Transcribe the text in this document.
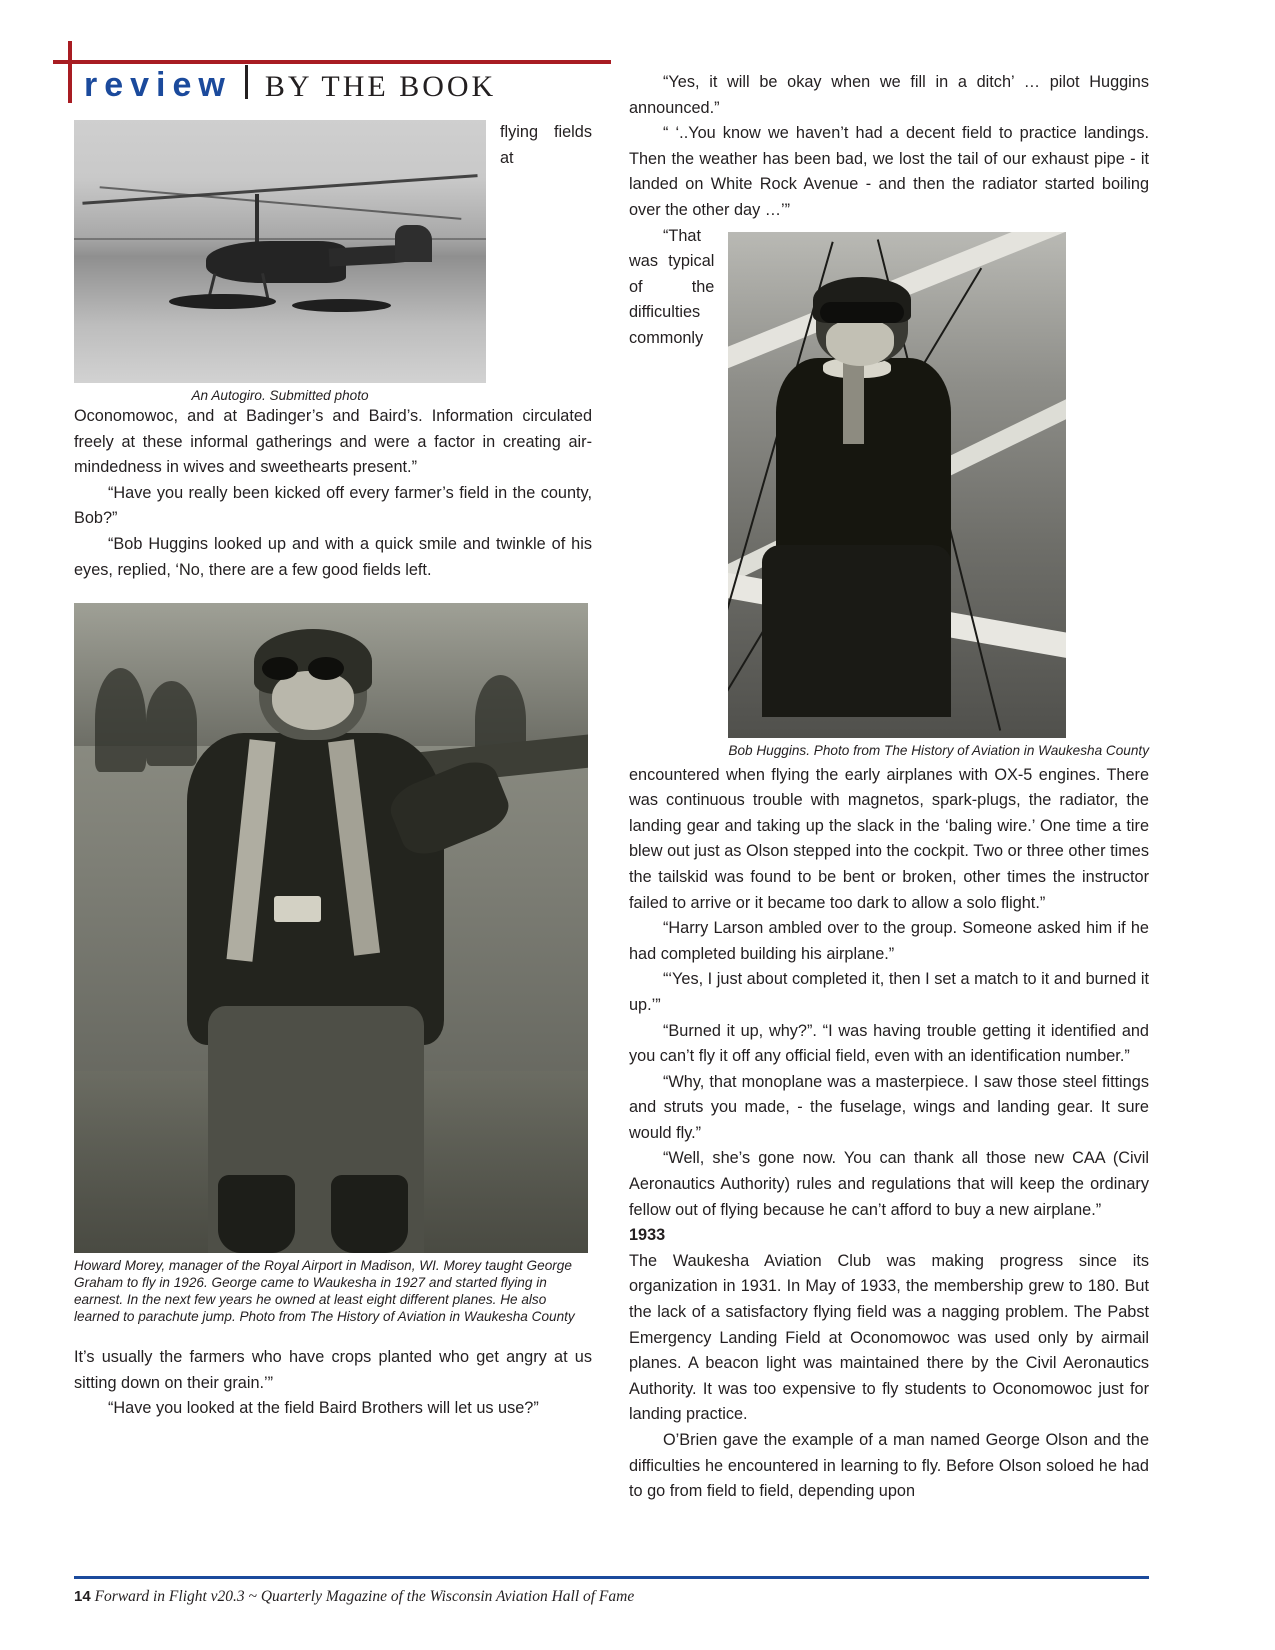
review BY THE BOOK
An Autogiro. Submitted photo

flying fields at Oconomowoc, and at Badinger’s and Baird’s. Information circulated freely at these informal gatherings and were a factor in creating air-mindedness in wives and sweethearts present.”

“Have you really been kicked off every farmer’s field in the county, Bob?”

“Bob Huggins looked up and with a quick smile and twinkle of his eyes, replied, ‘No, there are a few good fields left.

Howard Morey, manager of the Royal Airport in Madison, WI. Morey taught George Graham to fly in 1926. George came to Waukesha in 1927 and started flying in earnest. In the next few years he owned at least eight different planes. He also learned to parachute jump. Photo from The History of Aviation in Waukesha County

It’s usually the farmers who have crops planted who get angry at us sitting down on their grain.’”

“Have you looked at the field Baird Brothers will let us use?”

“Yes, it will be okay when we fill in a ditch’ … pilot Huggins announced.”

“ ‘..You know we haven’t had a decent field to practice landings. Then the weather has been bad, we lost the tail of our exhaust pipe - it landed on White Rock Avenue - and then the radiator started boiling over the other day …’”

Bob Huggins. Photo from The History of Aviation in Waukesha County

“That was typical of the difficulties commonly encountered when flying the early airplanes with OX-5 engines. There was continuous trouble with magnetos, spark-plugs, the radiator, the landing gear and taking up the slack in the ‘baling wire.’ One time a tire blew out just as Olson stepped into the cockpit. Two or three other times the tailskid was found to be bent or broken, other times the instructor failed to arrive or it became too dark to allow a solo flight.”

“Harry Larson ambled over to the group. Someone asked him if he had completed building his airplane.”

“‘Yes, I just about completed it, then I set a match to it and burned it up.’”

“Burned it up, why?”. “I was having trouble getting it identified and you can’t fly it off any official field, even with an identification number.”

“Why, that monoplane was a masterpiece. I saw those steel fittings and struts you made, - the fuselage, wings and landing gear. It sure would fly.”

“Well, she’s gone now. You can thank all those new CAA (Civil Aeronautics Authority) rules and regulations that will keep the ordinary fellow out of flying because he can’t afford to buy a new airplane.”

1933

The Waukesha Aviation Club was making progress since its organization in 1931. In May of 1933, the membership grew to 180. But the lack of a satisfactory flying field was a nagging problem. The Pabst Emergency Landing Field at Oconomowoc was used only by airmail planes. A beacon light was maintained there by the Civil Aeronautics Authority. It was too expensive to fly students to Oconomowoc just for landing practice.

O’Brien gave the example of a man named George Olson and the difficulties he encountered in learning to fly. Before Olson soloed he had to go from field to field, depending upon

14 Forward in Flight v20.3 ~ Quarterly Magazine of the Wisconsin Aviation Hall of Fame
